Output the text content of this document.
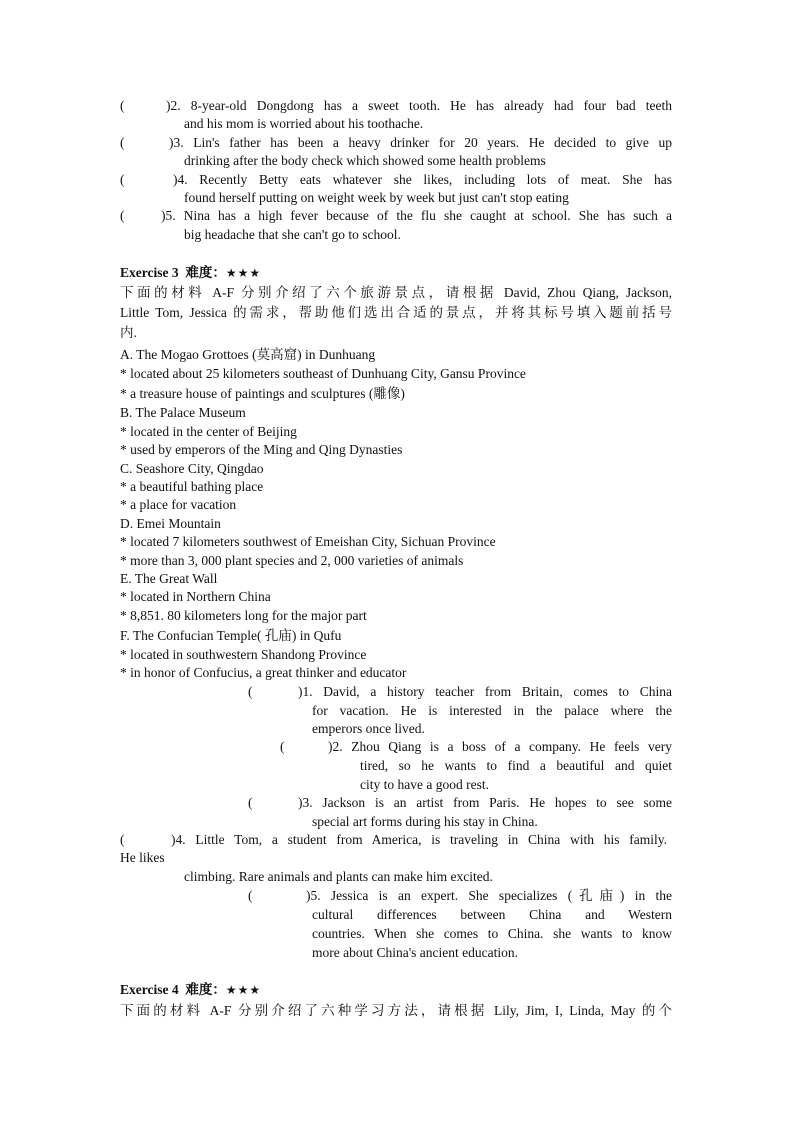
(	)2. 8-year-old Dongdong has a sweet tooth. He has already had four bad teeth
and his mom is worried about his toothache.
(	)3. Lin's father has been a heavy drinker for 20 years. He decided to give up
drinking after the body check which showed some health problems
(	)4. Recently Betty eats whatever she likes, including lots of meat. She has
found herself putting on weight week by week but just can't stop eating
(	)5. Nina has a high fever because of the flu she caught at school. She has such a
big headache that she can't go to school.
Exercise 3 难度：★★★
下面的材料 A-F 分别介绍了六个旅游景点，请根据 David, Zhou Qiang, Jackson,
Little Tom, Jessica 的需求，帮助他们选出合适的景点，并将其标号填入题前括号
内.
A. The Mogao Grottoes (莫高窟) in Dunhuang
* located about 25 kilometers southeast of Dunhuang City, Gansu Province
* a treasure house of paintings and sculptures (雕像)
B. The Palace Museum
* located in the center of Beijing
* used by emperors of the Ming and Qing Dynasties
C. Seashore City, Qingdao
* a beautiful bathing place
* a place for vacation
D. Emei Mountain
* located 7 kilometers southwest of Emeishan City, Sichuan Province
* more than 3, 000 plant species and 2, 000 varieties of animals
E. The Great Wall
* located in Northern China
* 8,851. 80 kilometers long for the major part
F. The Confucian Temple( 孔庙) in Qufu
* located in southwestern Shandong Province
* in honor of Confucius, a great thinker and educator
(	)1. David, a history teacher from Britain, comes to China
for vacation. He is interested in the palace where the
emperors once lived.
(	)2. Zhou Qiang is a boss of a company. He feels very
tired, so he wants to find a beautiful and quiet
city to have a good rest.
(	)3. Jackson is an artist from Paris. He hopes to see some
special art forms during his stay in China.
(	)4. Little Tom, a student from America, is traveling in China with his family.
He likes
climbing. Rare animals and plants can make him excited.
(	)5. Jessica is an expert. She specializes (孔庙) in the
cultural differences between China and Western
countries. When she comes to China. she wants to know
more about China's ancient education.
Exercise 4 难度：★★★
下面的材料 A-F 分别介绍了六种学习方法，请根据 Lily, Jim, I, Linda, May 的个
